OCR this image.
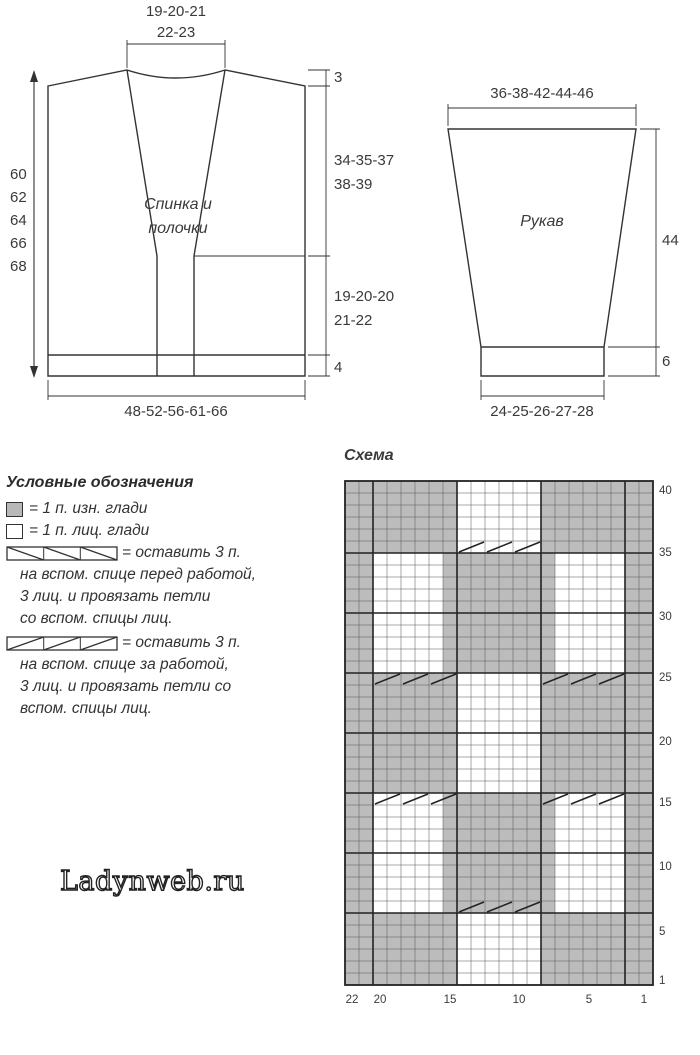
19-20-21
22-23
3
34-35-37
38-39
19-20-20
21-22
4
60
62
64
66
68
48-52-56-61-66
Спинка и
полочки
36-38-42-44-46
44
6
24-25-26-27-28
Рукав
Схема
1
5
10
15
20
25
30
35
40
22 20	15	10	5	1
Условные обозначения
= 1 п. изн. глади
= 1 п. лиц. глади
= оставить 3 п.
на вспом. спице перед работой,
3 лиц. и провязать петли
со вспом. спицы лиц.
= оставить 3 п.
на вспом. спице за работой,
3 лиц. и провязать петли со
вспом. спицы лиц.
Ladynweb.ru
